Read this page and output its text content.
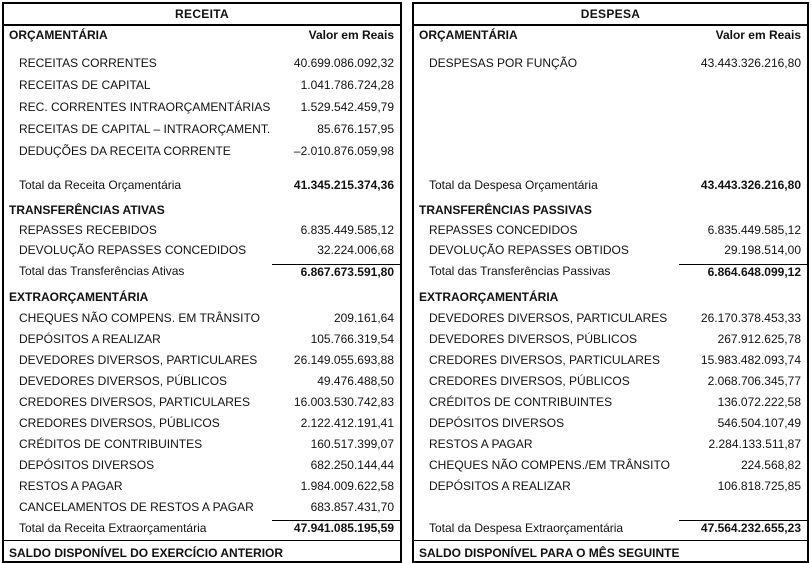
RECEITA
ORÇAMENTÁRIA	Valor em Reais
RECEITAS CORRENTES	40.699.086.092,32
RECEITAS DE CAPITAL	1.041.786.724,28
REC. CORRENTES INTRAORÇAMENTÁRIAS	1.529.542.459,79
RECEITAS DE CAPITAL – INTRAORÇAMENT.	85.676.157,95
DEDUÇÕES DA RECEITA CORRENTE	–2.010.876.059,98
Total da Receita Orçamentária	41.345.215.374,36
TRANSFERÊNCIAS ATIVAS
REPASSES RECEBIDOS	6.835.449.585,12
DEVOLUÇÃO REPASSES CONCEDIDOS	32.224.006,68
Total das Transferências Ativas	6.867.673.591,80
EXTRAORÇAMENTÁRIA
CHEQUES NÃO COMPENS. EM TRÂNSITO	209.161,64
DEPÓSITOS A REALIZAR	105.766.319,54
DEVEDORES DIVERSOS, PARTICULARES	26.149.055.693,88
DEVEDORES DIVERSOS, PÚBLICOS	49.476.488,50
CREDORES DIVERSOS, PARTICULARES	16.003.530.742,83
CREDORES DIVERSOS, PÚBLICOS	2.122.412.191,41
CRÉDITOS DE CONTRIBUINTES	160.517.399,07
DEPÓSITOS DIVERSOS	682.250.144,44
RESTOS A PAGAR	1.984.009.622,58
CANCELAMENTOS DE RESTOS A PAGAR	683.857.431,70
Total da Receita Extraorçamentária	47.941.085.195,59
SALDO DISPONÍVEL DO EXERCÍCIO ANTERIOR
DESPESA
ORÇAMENTÁRIA	Valor em Reais
DESPESAS POR FUNÇÃO	43.443.326.216,80
Total da Despesa Orçamentária	43.443.326.216,80
TRANSFERÊNCIAS PASSIVAS
REPASSES CONCEDIDOS	6.835.449.585,12
DEVOLUÇÃO REPASSES OBTIDOS	29.198.514,00
Total das Transferências Passivas	6.864.648.099,12
EXTRAORÇAMENTÁRIA
DEVEDORES DIVERSOS, PARTICULARES	26.170.378.453,33
DEVEDORES DIVERSOS, PÚBLICOS	267.912.625,78
CREDORES DIVERSOS, PARTICULARES	15.983.482.093,74
CREDORES DIVERSOS, PÚBLICOS	2.068.706.345,77
CRÉDITOS DE CONTRIBUINTES	136.072.222,58
DEPÓSITOS DIVERSOS	546.504.107,49
RESTOS A PAGAR	2.284.133.511,87
CHEQUES NÃO COMPENS./EM TRÂNSITO	224.568,82
DEPÓSITOS A REALIZAR	106.818.725,85
Total da Despesa Extraorçamentária	47.564.232.655,23
SALDO DISPONÍVEL PARA O MÊS SEGUINTE
